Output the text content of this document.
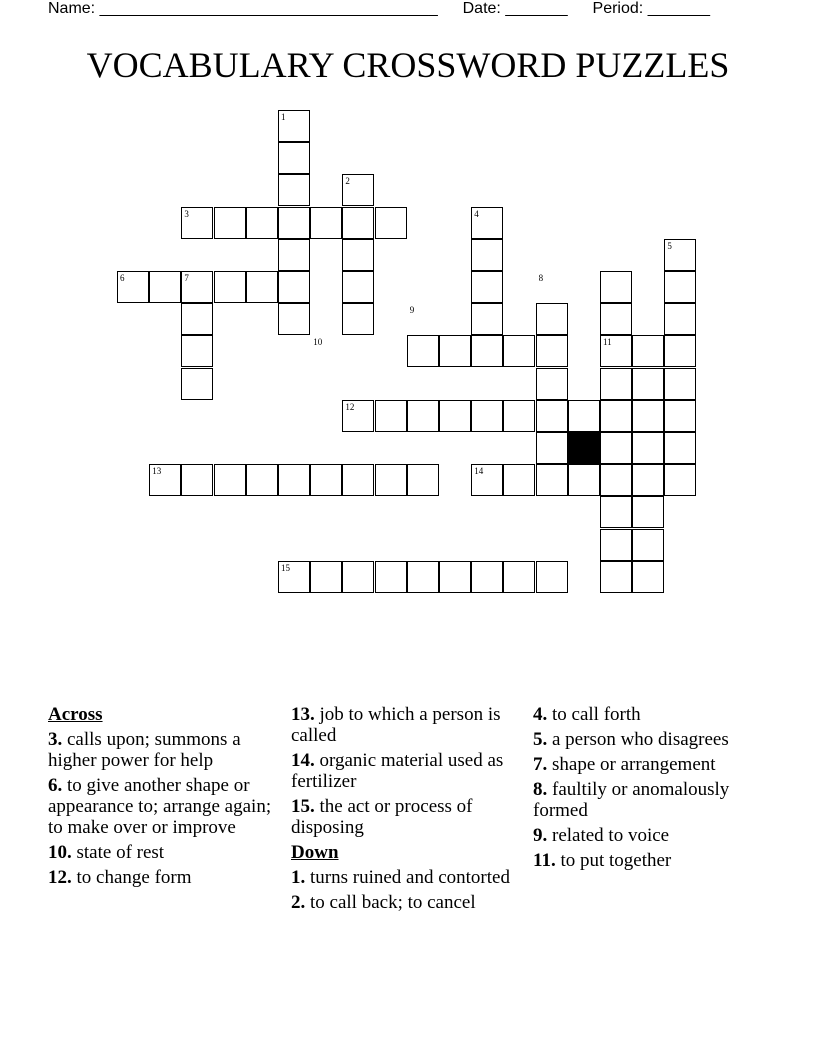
Name: ______________________________________ Date: _______ Period: _______
VOCABULARY CROSSWORD PUZZLES
1
2
3	4
5
6	7	8
9
10	11
12
13	14
15
Across
3. calls upon; summons a higher power for help
6. to give another shape or appearance to; arrange again; to make over or improve
10. state of rest
12. to change form
13. job to which a person is called
14. organic material used as fertilizer
15. the act or process of disposing
Down
1. turns ruined and contorted
2. to call back; to cancel
4. to call forth
5. a person who disagrees
7. shape or arrangement
8. faultily or anomalously formed
9. related to voice
11. to put together
